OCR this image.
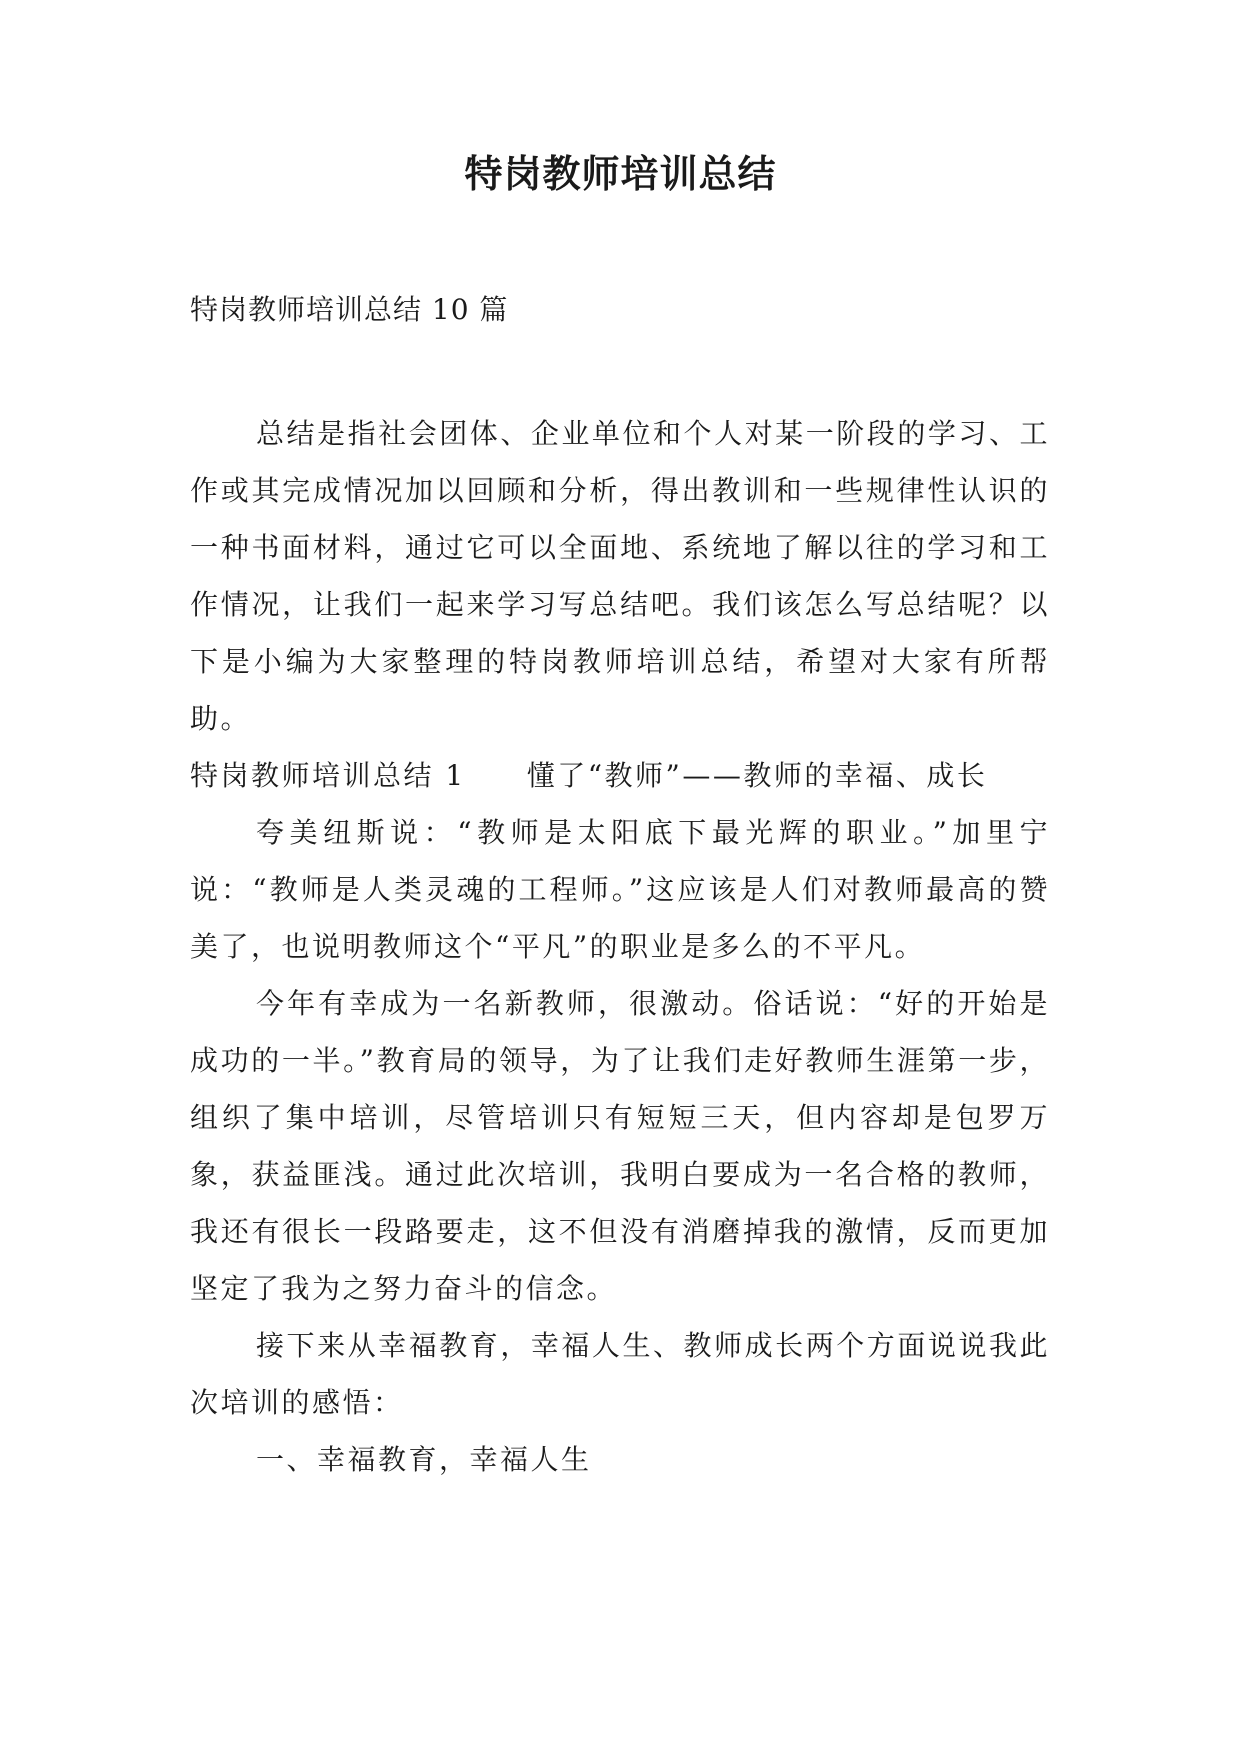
特岗教师培训总结

特岗教师培训总结 10 篇

总结是指社会团体、企业单位和个人对某一阶段的学习、工作或其完成情况加以回顾和分析，得出教训和一些规律性认识的一种书面材料，通过它可以全面地、系统地了解以往的学习和工作情况，让我们一起来学习写总结吧。我们该怎么写总结呢？以下是小编为大家整理的特岗教师培训总结，希望对大家有所帮助。

特岗教师培训总结 1　　懂了“教师”——教师的幸福、成长

夸美纽斯说：“教师是太阳底下最光辉的职业。”加里宁说：“教师是人类灵魂的工程师。”这应该是人们对教师最高的赞美了，也说明教师这个“平凡”的职业是多么的不平凡。

今年有幸成为一名新教师，很激动。俗话说：“好的开始是成功的一半。”教育局的领导，为了让我们走好教师生涯第一步，组织了集中培训，尽管培训只有短短三天，但内容却是包罗万象，获益匪浅。通过此次培训，我明白要成为一名合格的教师，我还有很长一段路要走，这不但没有消磨掉我的激情，反而更加坚定了我为之努力奋斗的信念。

接下来从幸福教育，幸福人生、教师成长两个方面说说我此次培训的感悟：

一、幸福教育，幸福人生
